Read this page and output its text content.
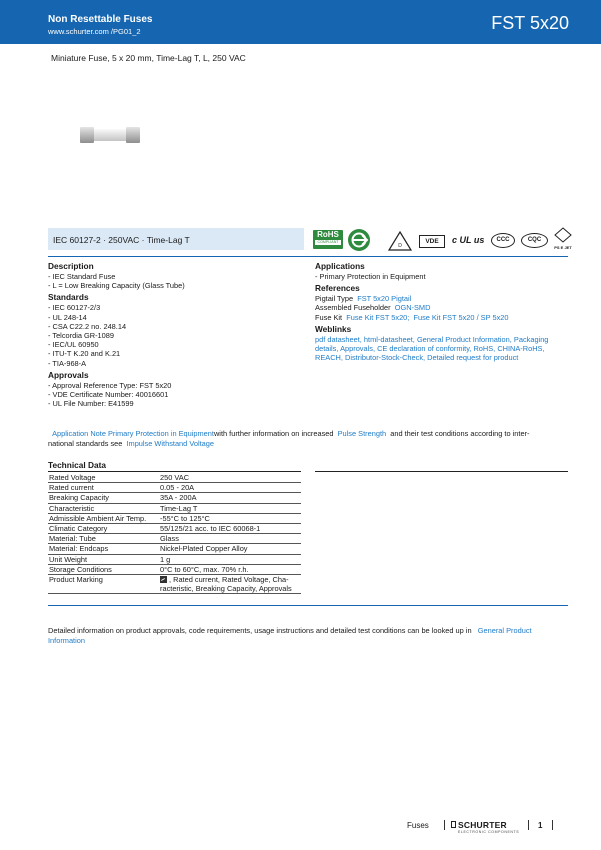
Non Resettable Fuses
www.schurter.com /PG01_2	FST 5x20
Miniature Fuse, 5 x 20 mm, Time-Lag T, L, 250 VAC
IEC 60127-2 · 250VAC · Time-Lag T
RoHS
COMPLIANT
D
VDE	c UL us	CCC	CQC
PS E JET
Description
- IEC Standard Fuse
- L = Low Breaking Capacity (Glass Tube)
Standards
- IEC 60127-2/3
- UL 248-14
- CSA C22.2 no. 248.14
- Telcordia GR-1089
- IEC/UL 60950
- ITU-T K.20 and K.21
- TIA-968-A
Approvals
- Approval Reference Type: FST 5x20
- VDE Certificate Number: 40016601
- UL File Number: E41599
Applications
- Primary Protection in Equipment
References
Pigtail Type FST 5x20 Pigtail
Assembled Fuseholder OGN-SMD
Fuse Kit Fuse Kit FST 5x20; Fuse Kit FST 5x20 / SP 5x20
Weblinks
pdf datasheet, html-datasheet, General Product Information, Packaging
details, Approvals, CE declaration of conformity, RoHS, CHINA-RoHS,
REACH, Distributor-Stock-Check, Detailed request for product
Application Note Primary Protection in Equipmentwith further information on increased Pulse Strength and their test conditions according to inter-
national standards see Impulse Withstand Voltage
Technical Data
Rated Voltage	250 VAC
Rated current	0.05 - 20A
Breaking Capacity	35A - 200A
Characteristic	Time-Lag T
Admissible Ambient Air Temp.	-55°C to 125°C
Climatic Category	55/125/21 acc. to IEC 60068-1
Material: Tube	Glass
Material: Endcaps	Nickel-Plated Copper Alloy
Unit Weight	1 g
Storage Conditions	0°C to 60°C, max. 70% r.h.
Product Marking	, Rated current, Rated Voltage, Cha-
racteristic, Breaking Capacity, Approvals
Detailed information on product approvals, code requirements, usage instructions and detailed test conditions can be looked up in General Product
Information
Fuses	SCHURTER
ELECTRONIC COMPONENTS
1
